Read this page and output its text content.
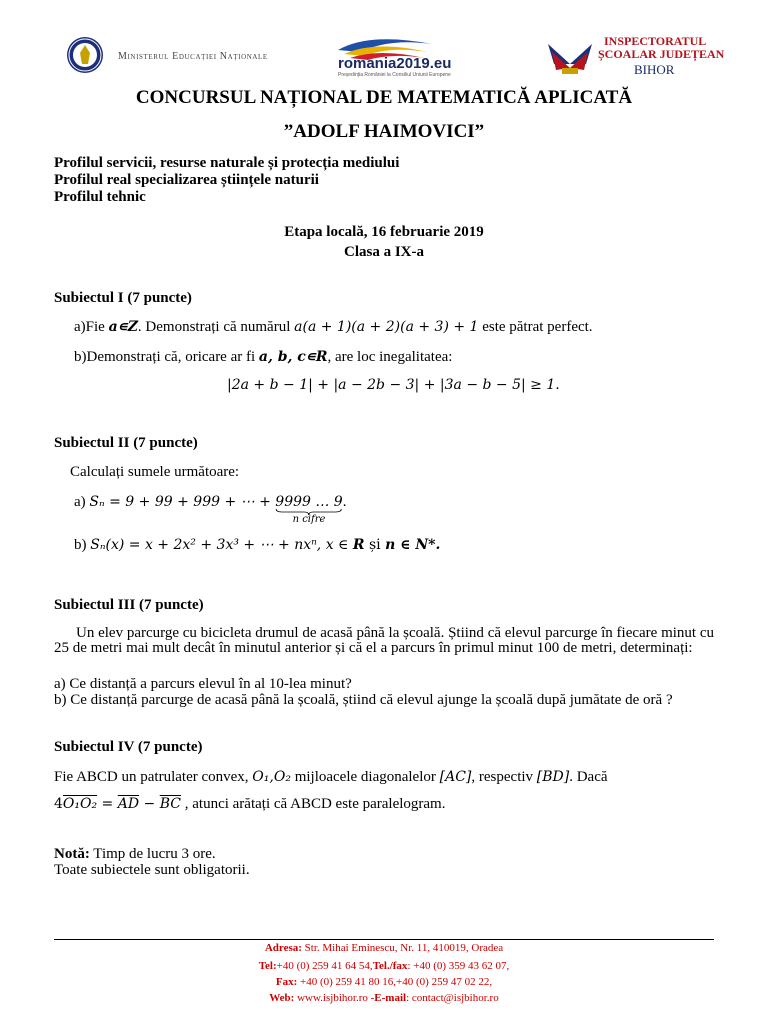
Ministerul Educației Naționale	romania2019.eu
Președinția României la Consiliul Uniunii Europene
INSPECTORATUL
ȘCOALAR JUDEȚEAN
BIHOR
CONCURSUL NAȚIONAL DE MATEMATICĂ APLICATĂ
”ADOLF HAIMOVICI”
Profilul servicii, resurse naturale și protecția mediului
Profilul real specializarea științele naturii
Profilul tehnic
Etapa locală, 16 februarie 2019
Clasa a IX-a
Subiectul I (7 puncte)
a)Fie a∊Z. Demonstrați că numărul a(a + 1)(a + 2)(a + 3) + 1 este pătrat perfect.
b)Demonstrați că, oricare ar fi a, b, c∊R, are loc inegalitatea:
|2a + b − 1| + |a − 2b − 3| + |3a − b − 5| ≥ 1.
Subiectul II (7 puncte)
Calculați sumele următoare:
a) Sₙ = 9 + 99 + 999 + ⋯ + 9999 … 9
n cifre
.
b) Sₙ(x) = x + 2x² + 3x³ + ⋯ + nxⁿ, x ∈ R și n ∈ N*.
Subiectul III (7 puncte)
Un elev parcurge cu bicicleta drumul de acasă până la școală. Știind că elevul parcurge în fiecare minut cu 25 de metri mai mult decât în minutul anterior și că el a parcurs în primul minut 100 de metri, determinați:
a) Ce distanță a parcurs elevul în al 10-lea minut?
b) Ce distanță parcurge de acasă până la școală, știind că elevul ajunge la școală după jumătate de oră ?
Subiectul IV (7 puncte)
Fie ABCD un patrulater convex, O₁,O₂ mijloacele diagonalelor [AC], respectiv [BD]. Dacă
$4O_1O_2 = \overline{AD} - \overline{BC}$ , atunci arătați că ABCD este paralelogram.
Notă: Timp de lucru 3 ore.
Toate subiectele sunt obligatorii.
Adresa: Str. Mihai Eminescu, Nr. 11, 410019, Oradea
Tel:+40 (0) 259 41 64 54,Tel./fax: +40 (0) 359 43 62 07,
Fax: +40 (0) 259 41 80 16,+40 (0) 259 47 02 22,
Web: www.isjbihor.ro -E-mail: contact@isjbihor.ro
